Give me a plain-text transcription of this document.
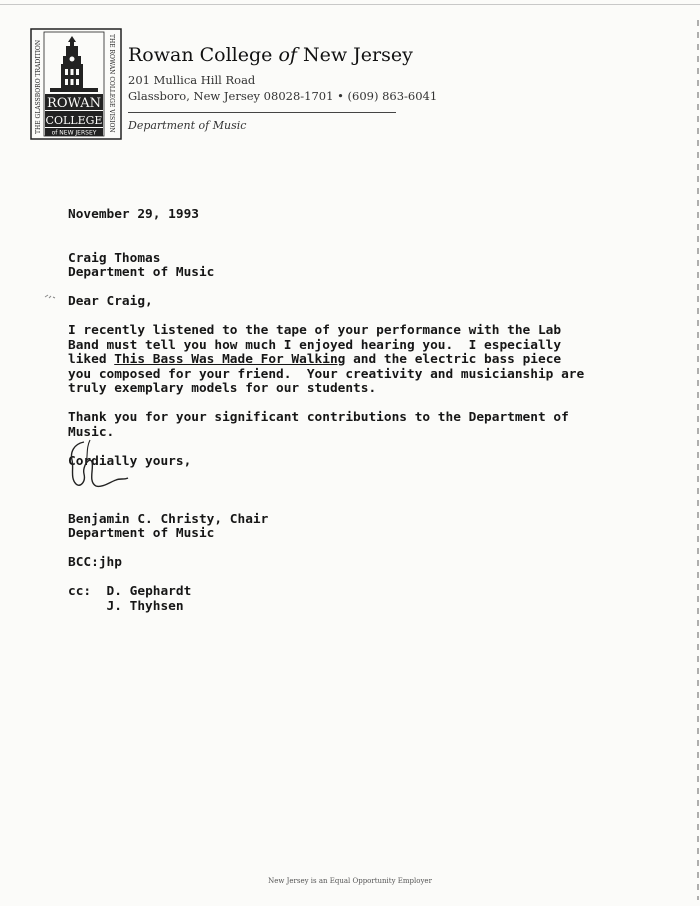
ROWAN
COLLEGE
of NEW JERSEY
THE GLASSBORO TRADITION	THE ROWAN COLLEGE VISION Rowan College of New Jersey
201 Mullica Hill Road
Glassboro, New Jersey 08028-1701 • (609) 863-6041
Department of Music
November 29, 1993
Craig Thomas
Department of Music
Dear Craig,
I recently listened to the tape of your performance with the Lab
Band must tell you how much I enjoyed hearing you.  I especially
liked This Bass Was Made For Walking and the electric bass piece
you composed for your friend.  Your creativity and musicianship are
truly exemplary models for our students.
Thank you for your significant contributions to the Department of
Music.
Cordially yours,
Benjamin C. Christy, Chair
Department of Music
BCC:jhp
cc: D. Gephardt
J. Thyhsen
New Jersey is an Equal Opportunity Employer
